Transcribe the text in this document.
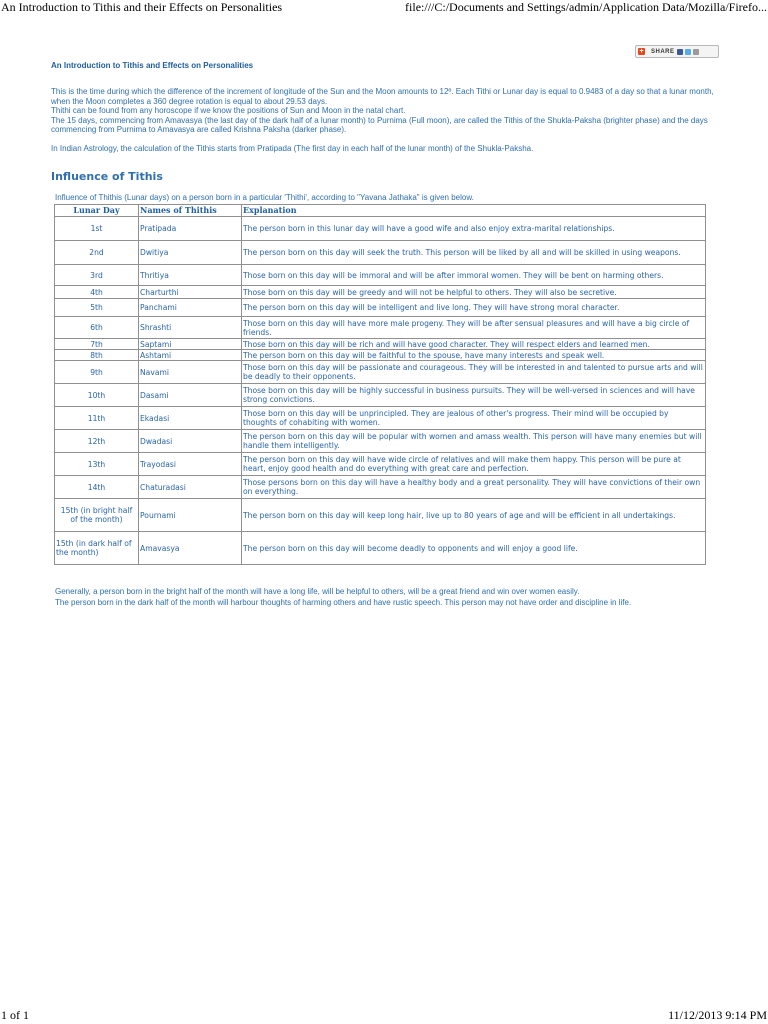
An Introduction to Tithis and their Effects on Personalities	file:///C:/Documents and Settings/admin/Application Data/Mozilla/Firefo...
+ SHARE
An Introduction to Tithis and Effects on Personalities

This is the time during which the difference of the increment of longitude of the Sun and the Moon amounts to 12º. Each Tithi or Lunar day is equal to 0.9483 of a day so that a lunar month, when the Moon completes a 360 degree rotation is equal to about 29.53 days.

Thithi can be found from any horoscope if we know the positions of Sun and Moon in the natal chart.

The 15 days, commencing from Amavasya (the last day of the dark half of a lunar month) to Purnima (Full moon), are called the Tithis of the Shukla-Paksha (brighter phase) and the days commencing from Purnima to Amavasya are called Krishna Paksha (darker phase).

In Indian Astrology, the calculation of the Tithis starts from Pratipada (The first day in each half of the lunar month) of the Shukla-Paksha.

Influence of Tithis
Influence of Thithis (Lunar days) on a person born in a particular 'Thithi', according to "Yavana Jathaka" is given below.
Lunar Day	Names of Thithis	Explanation
1st	Pratipada	The person born in this lunar day will have a good wife and also enjoy extra-marital relationships.
2nd	Dwitiya	The person born on this day will seek the truth. This person will be liked by all and will be skilled in using weapons.
3rd	Thritiya	Those born on this day will be immoral and will be after immoral women. They will be bent on harming others.
4th	Charturthi	Those born on this day will be greedy and will not be helpful to others. They will also be secretive.
5th	Panchami	The person born on this day will be intelligent and live long. They will have strong moral character.
6th	Shrashti	Those born on this day will have more male progeny. They will be after sensual pleasures and will have a big circle of friends.
7th	Saptami	Those born on this day will be rich and will have good character. They will respect elders and learned men.
8th	Ashtami	The person born on this day will be faithful to the spouse, have many interests and speak well.
9th	Navami	Those born on this day will be passionate and courageous. They will be interested in and talented to pursue arts and will be deadly to their opponents.
10th	Dasami	Those born on this day will be highly successful in business pursuits. They will be well-versed in sciences and will have strong convictions.
11th	Ekadasi	Those born on this day will be unprincipled. They are jealous of other's progress. Their mind will be occupied by thoughts of cohabiting with women.
12th	Dwadasi	The person born on this day will be popular with women and amass wealth. This person will have many enemies but will handle them intelligently.
13th	Trayodasi	The person born on this day will have wide circle of relatives and will make them happy. This person will be pure at heart, enjoy good health and do everything with great care and perfection.
14th	Chaturadasi	Those persons born on this day will have a healthy body and a great personality. They will have convictions of their own on everything.
15th (in bright half of the month)	Pournami	The person born on this day will keep long hair, live up to 80 years of age and will be efficient in all undertakings.
15th (in dark half of the month)	Amavasya	The person born on this day will become deadly to opponents and will enjoy a good life.

Generally, a person born in the bright half of the month will have a long life, will be helpful to others, will be a great friend and win over women easily.

The person born in the dark half of the month will harbour thoughts of harming others and have rustic speech. This person may not have order and discipline in life.

1 of 1	11/12/2013 9:14 PM
